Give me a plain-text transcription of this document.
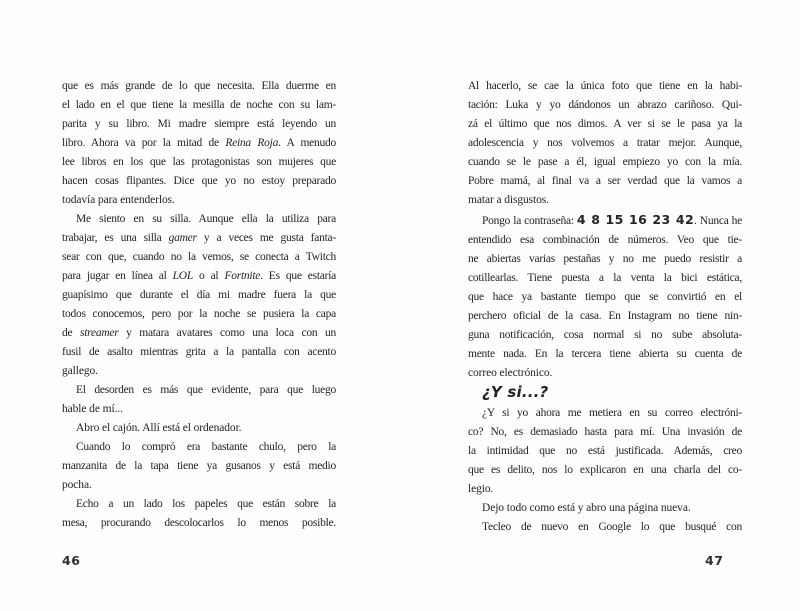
que es más grande de lo que necesita. Ella duerme en
el lado en el que tiene la mesilla de noche con su lam-
parita y su libro. Mi madre siempre está leyendo un
libro. Ahora va por la mitad de Reina Roja. A menudo
lee libros en los que las protagonistas son mujeres que
hacen cosas flipantes. Dice que yo no estoy preparado
todavía para entenderlos.

Me siento en su silla. Aunque ella la utiliza para
trabajar, es una silla gamer y a veces me gusta fanta-
sear con que, cuando no la vemos, se conecta a Twitch
para jugar en línea al LOL o al Fortnite. Es que estaría
guapísimo que durante el día mi madre fuera la que
todos conocemos, pero por la noche se pusiera la capa
de streamer y matara avatares como una loca con un
fusil de asalto mientras grita a la pantalla con acento
gallego.

El desorden es más que evidente, para que luego
hable de mí...

Abro el cajón. Allí está el ordenador.

Cuando lo compró era bastante chulo, pero la
manzanita de la tapa tiene ya gusanos y está medio
pocha.

Echo a un lado los papeles que están sobre la
mesa, procurando descolocarlos lo menos posible.

46

Al hacerlo, se cae la única foto que tiene en la habi-
tación: Luka y yo dándonos un abrazo cariñoso. Qui-
zá el último que nos dimos. A ver si se le pasa ya la
adolescencia y nos volvemos a tratar mejor. Aunque,
cuando se le pase a él, igual empiezo yo con la mía.
Pobre mamá, al final va a ser verdad que la vamos a
matar a disgustos.

Pongo la contraseña: 4 8 15 16 23 42. Nunca he
entendido esa combinación de números. Veo que tie-
ne abiertas varias pestañas y no me puedo resistir a
cotillearlas. Tiene puesta a la venta la bici estática,
que hace ya bastante tiempo que se convirtió en el
perchero oficial de la casa. En Instagram no tiene nin-
guna notificación, cosa normal si no sube absoluta-
mente nada. En la tercera tiene abierta su cuenta de
correo electrónico.

¿Y si...?

¿Y si yo ahora me metiera en su correo electróni-
co? No, es demasiado hasta para mí. Una invasión de
la intimidad que no está justificada. Además, creo
que es delito, nos lo explicaron en una charla del co-
legio.

Dejo todo como está y abro una página nueva.

Tecleo de nuevo en Google lo que busqué con

47
